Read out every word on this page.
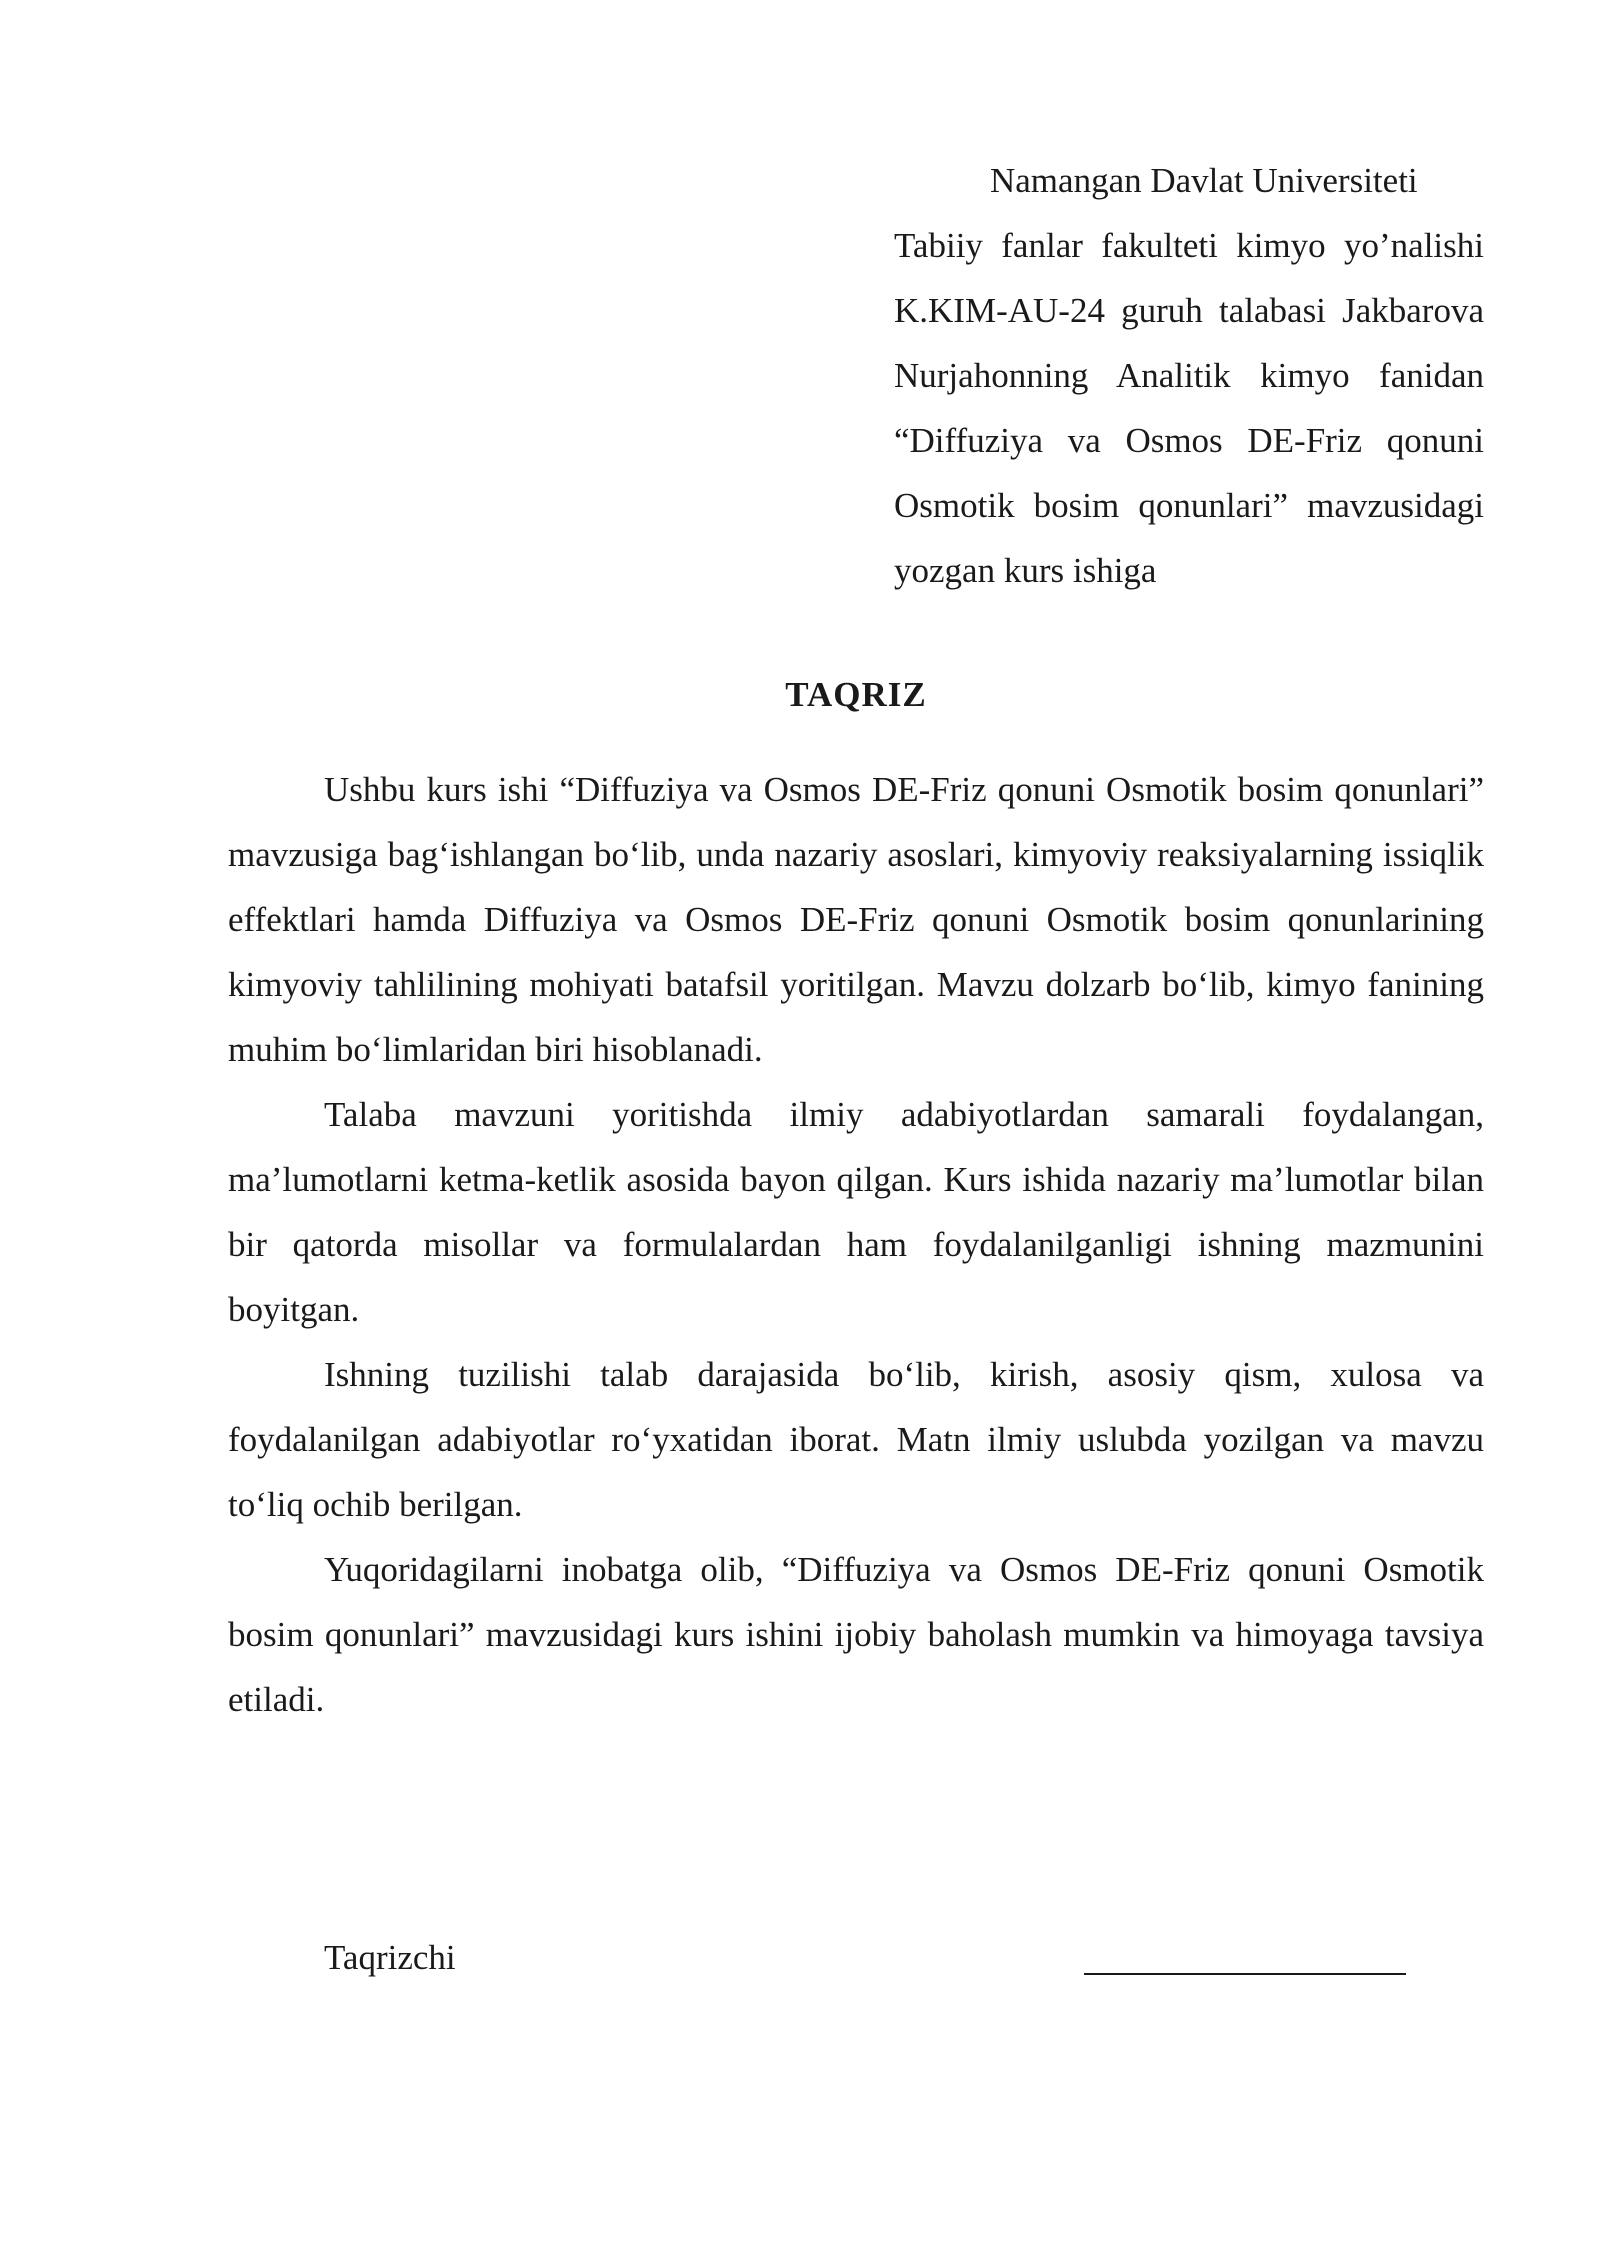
Namangan Davlat Universiteti
Tabiiy fanlar fakulteti kimyo yo’nalishi K.KIM-AU-24 guruh talabasi Jakbarova Nurjahonning Analitik kimyo fanidan “Diffuziya va Osmos DE-Friz qonuni Osmotik bosim qonunlari” mavzusidagi yozgan kurs ishiga
TAQRIZ

Ushbu kurs ishi “Diffuziya va Osmos DE-Friz qonuni Osmotik bosim qonunlari” mavzusiga bag‘ishlangan bo‘lib, unda nazariy asoslari, kimyoviy reaksiyalarning issiqlik effektlari hamda Diffuziya va Osmos DE-Friz qonuni Osmotik bosim qonunlarining kimyoviy tahlilining mohiyati batafsil yoritilgan. Mavzu dolzarb bo‘lib, kimyo fanining muhim bo‘limlaridan biri hisoblanadi.

Talaba mavzuni yoritishda ilmiy adabiyotlardan samarali foydalangan, ma’lumotlarni ketma-ketlik asosida bayon qilgan. Kurs ishida nazariy ma’lumotlar bilan bir qatorda misollar va formulalardan ham foydalanilganligi ishning mazmunini boyitgan.

Ishning tuzilishi talab darajasida bo‘lib, kirish, asosiy qism, xulosa va foydalanilgan adabiyotlar ro‘yxatidan iborat. Matn ilmiy uslubda yozilgan va mavzu to‘liq ochib berilgan.

Yuqoridagilarni inobatga olib, “Diffuziya va Osmos DE-Friz qonuni Osmotik bosim qonunlari” mavzusidagi kurs ishini ijobiy baholash mumkin va himoyaga tavsiya etiladi.

Taqrizchi
